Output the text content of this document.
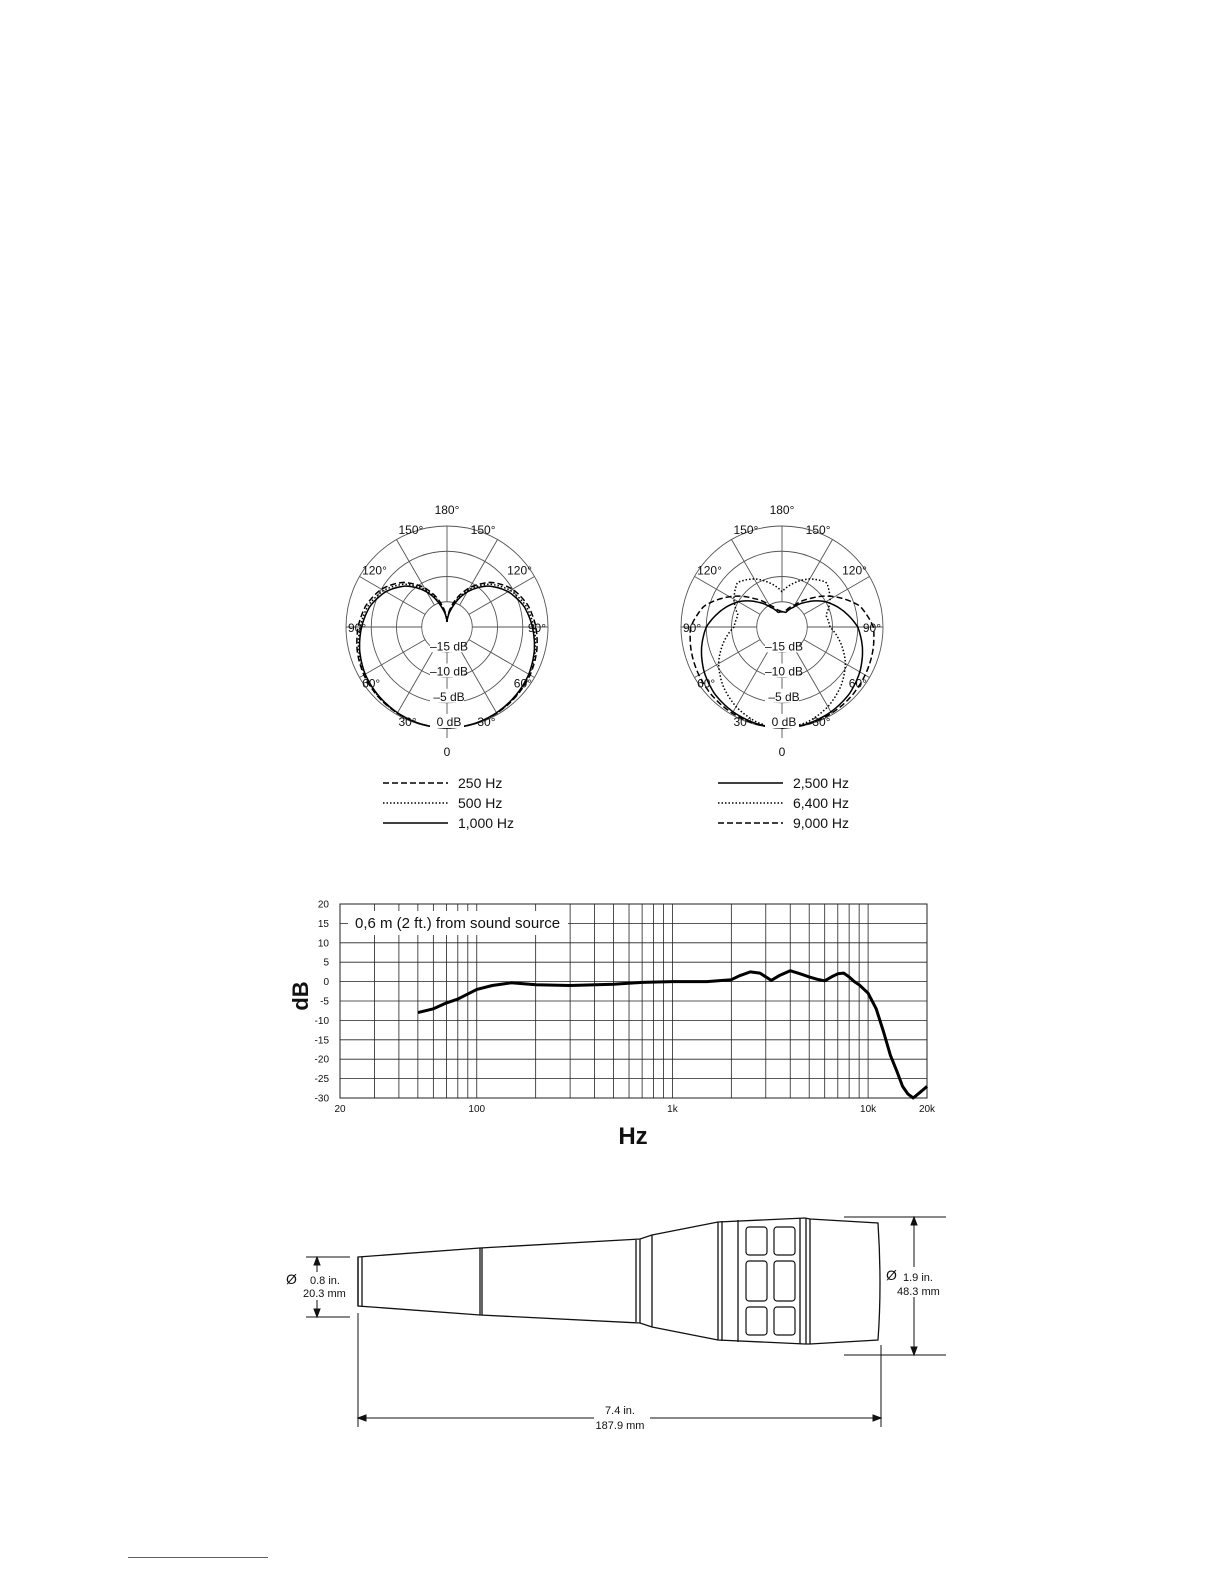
0 dB
–5 dB
–10 dB
–15 dB
0
30°
30°
60°
60°
90°
90°
120°
120°
150°
150°
180°
250 Hz
500 Hz
1,000 Hz
0 dB
–5 dB
–10 dB
–15 dB
0
30°
30°
60°
60°
90°
90°
120°
120°
150°
150°
180°
2,500 Hz
6,400 Hz
9,000 Hz
20
15
10
5
0
-5
-10
-15
-20
-25
-30
20	100	1k	10k	20k
0,6 m (2 ft.) from sound source
dB
Hz
Ø 0.8 in.
20.3 mm
Ø 1.9 in.
48.3 mm
7.4 in.
187.9 mm
